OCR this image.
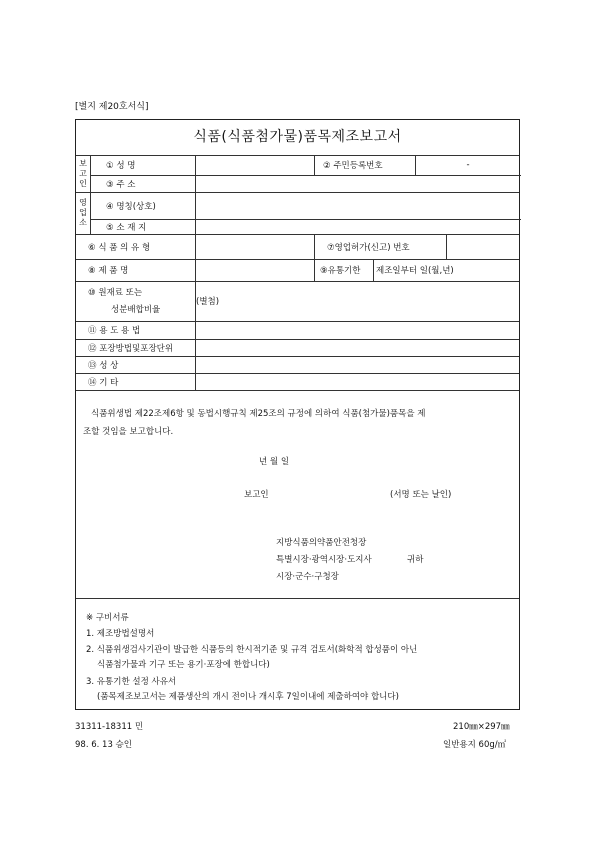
[별지 제20호서식]
식품(식품첨가물)품목제조보고서
보
고
인
영
업
소
① 성 명	② 주민등록번호	-
③ 주 소
④ 명칭(상호)
⑤ 소 재 지
⑥ 식 품 의 유 형	⑦영업허가(신고) 번호
⑧ 제 품 명	⑨유통기한 제조일부터 일(월,년)
⑩ 원재료 또는
성분배합비율
(별첨)
⑪ 용 도 용 법
⑫ 포장방법및포장단위
⑬ 성 상
⑭ 기 타
식품위생법 제22조제6항 및 동법시행규칙 제25조의 규정에 의하여 식품(첨가물)품목을 제
조할 것임을 보고합니다.
년 월 일
보고인	(서명 또는 날인)
지방식품의약품안전청장
특별시장·광역시장·도지사	귀하
시장·군수·구청장
※ 구비서류
1. 제조방법설명서
2. 식품위생검사기관이 발급한 식품등의 한시적기준 및 규격 검토서(화학적 합성품이 아닌
식품첨가물과 기구 또는 용기·포장에 한합니다)
3. 유통기한 설정 사유서
(품목제조보고서는 제품생산의 개시 전이나 개시후 7일이내에 제출하여야 합니다)
31311-18311 민
98. 6. 13 승인
210㎜×297㎜
일반용지 60g/㎡
